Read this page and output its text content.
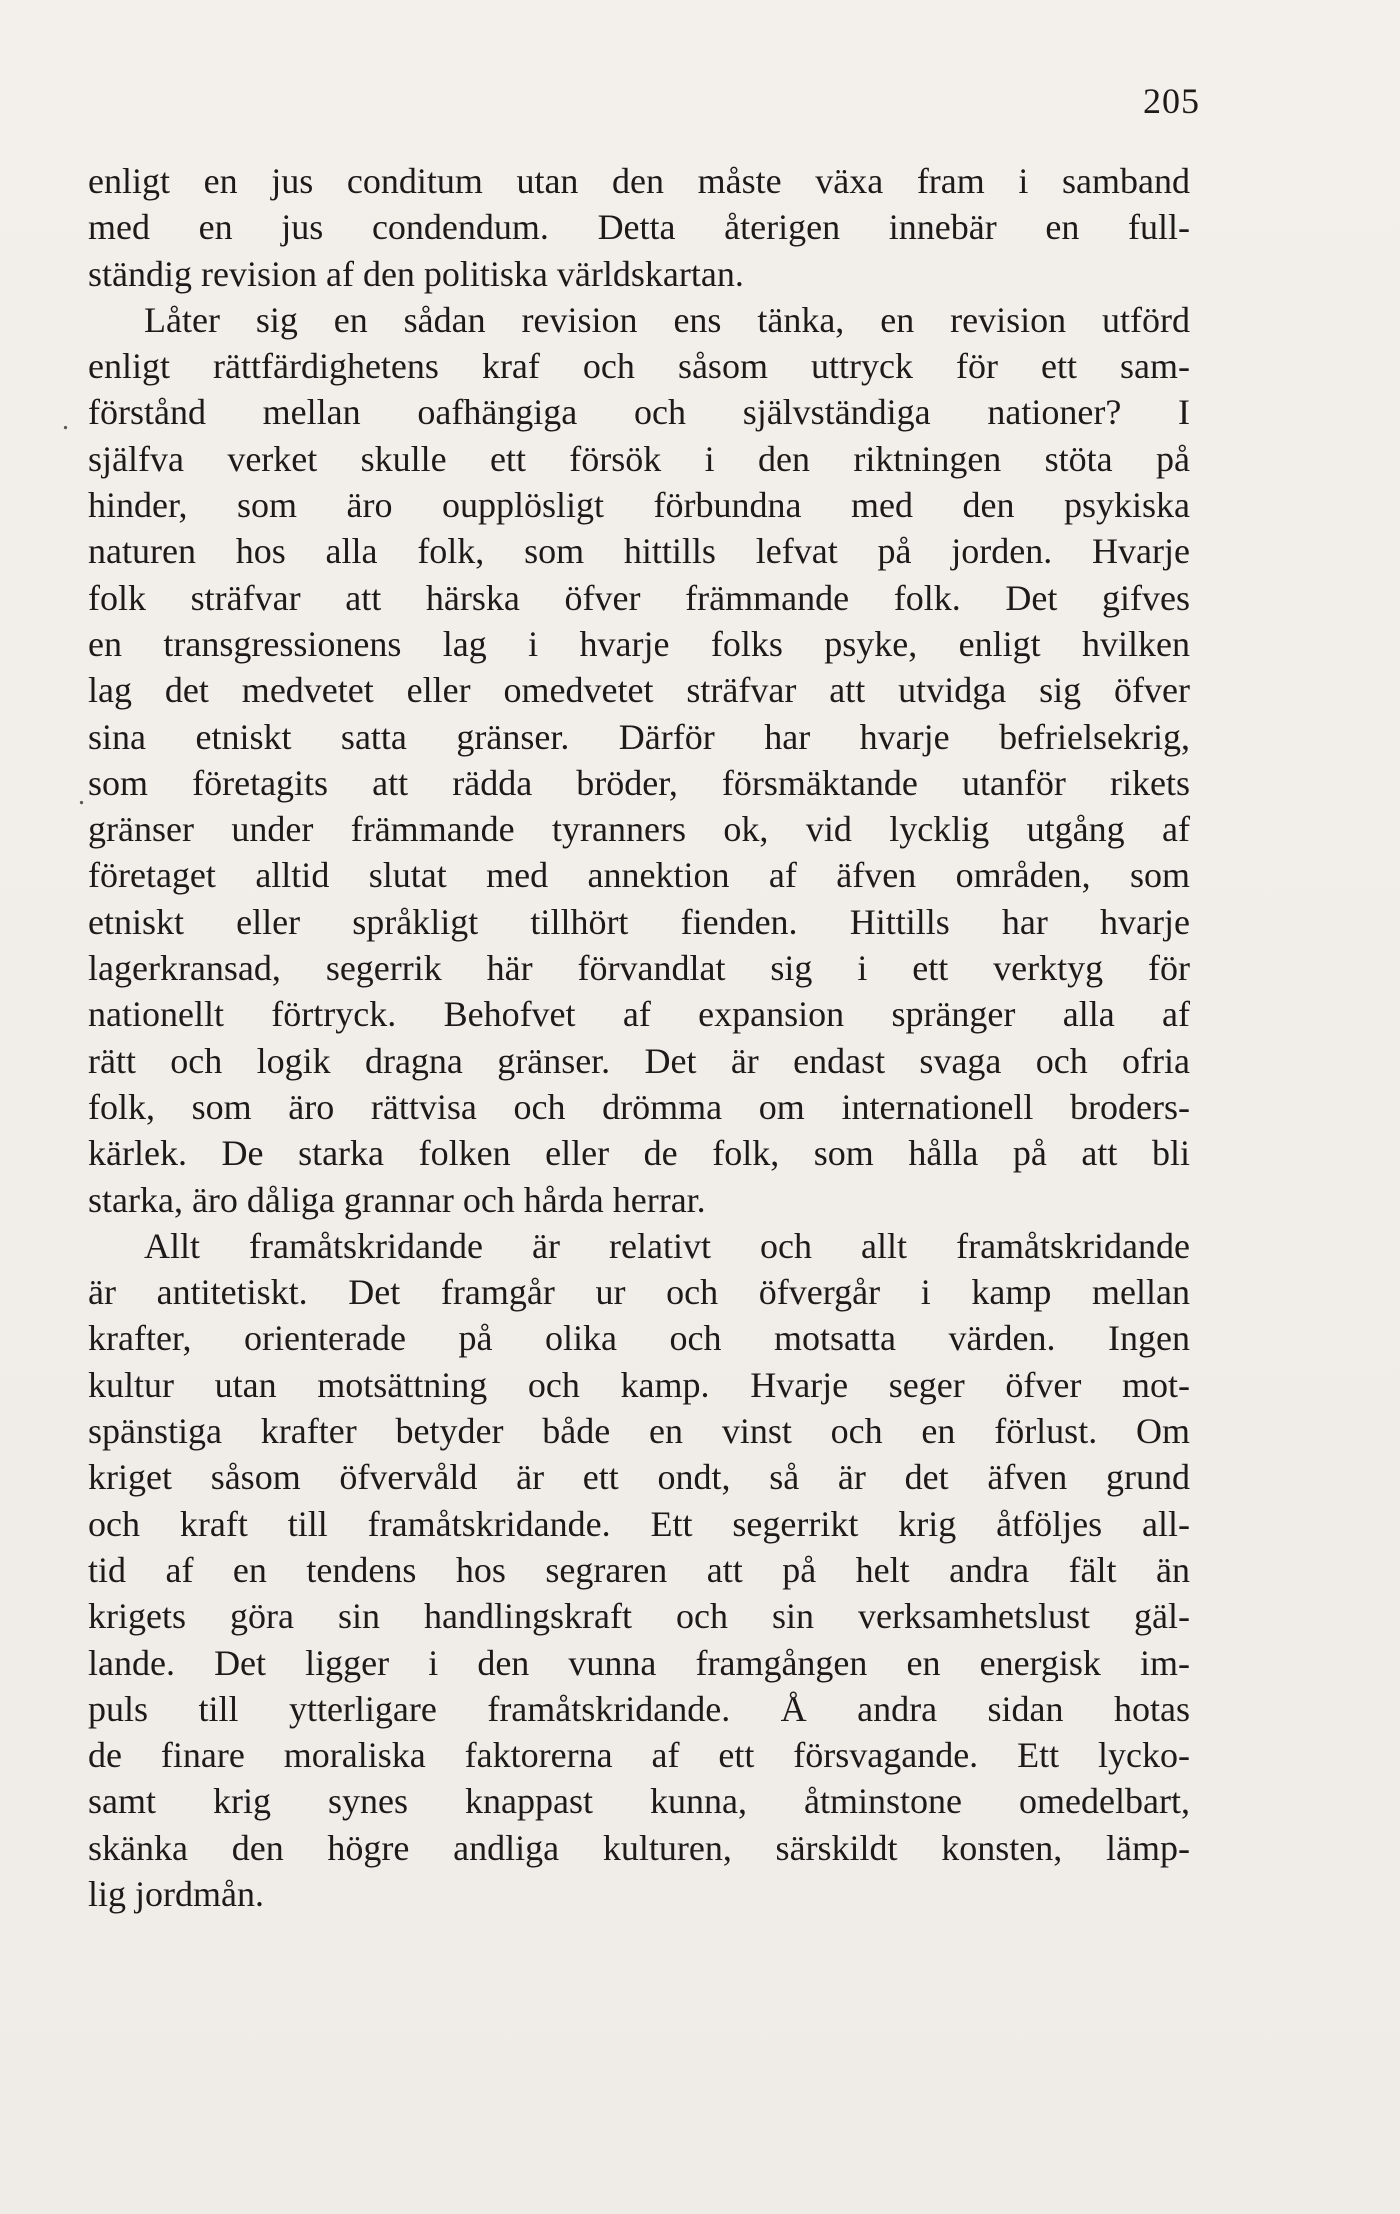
205
.
.
enligt en jus conditum utan den måste växa fram i samband
med en jus condendum. Detta återigen innebär en full-
ständig revision af den politiska världskartan.
Låter sig en sådan revision ens tänka, en revision utförd
enligt rättfärdighetens kraf och såsom uttryck för ett sam-
förstånd mellan oafhängiga och självständiga nationer? I
själfva verket skulle ett försök i den riktningen stöta på
hinder, som äro oupplösligt förbundna med den psykiska
naturen hos alla folk, som hittills lefvat på jorden. Hvarje
folk sträfvar att härska öfver främmande folk. Det gifves
en transgressionens lag i hvarje folks psyke, enligt hvilken
lag det medvetet eller omedvetet sträfvar att utvidga sig öfver
sina etniskt satta gränser. Därför har hvarje befrielsekrig,
som företagits att rädda bröder, försmäktande utanför rikets
gränser under främmande tyranners ok, vid lycklig utgång af
företaget alltid slutat med annektion af äfven områden, som
etniskt eller språkligt tillhört fienden. Hittills har hvarje
lagerkransad, segerrik här förvandlat sig i ett verktyg för
nationellt förtryck. Behofvet af expansion spränger alla af
rätt och logik dragna gränser. Det är endast svaga och ofria
folk, som äro rättvisa och drömma om internationell broders-
kärlek. De starka folken eller de folk, som hålla på att bli
starka, äro dåliga grannar och hårda herrar.
Allt framåtskridande är relativt och allt framåtskridande
är antitetiskt. Det framgår ur och öfvergår i kamp mellan
krafter, orienterade på olika och motsatta värden. Ingen
kultur utan motsättning och kamp. Hvarje seger öfver mot-
spänstiga krafter betyder både en vinst och en förlust. Om
kriget såsom öfvervåld är ett ondt, så är det äfven grund
och kraft till framåtskridande. Ett segerrikt krig åtföljes all-
tid af en tendens hos segraren att på helt andra fält än
krigets göra sin handlingskraft och sin verksamhetslust gäl-
lande. Det ligger i den vunna framgången en energisk im-
puls till ytterligare framåtskridande. Å andra sidan hotas
de finare moraliska faktorerna af ett försvagande. Ett lycko-
samt krig synes knappast kunna, åtminstone omedelbart,
skänka den högre andliga kulturen, särskildt konsten, lämp-
lig jordmån.
